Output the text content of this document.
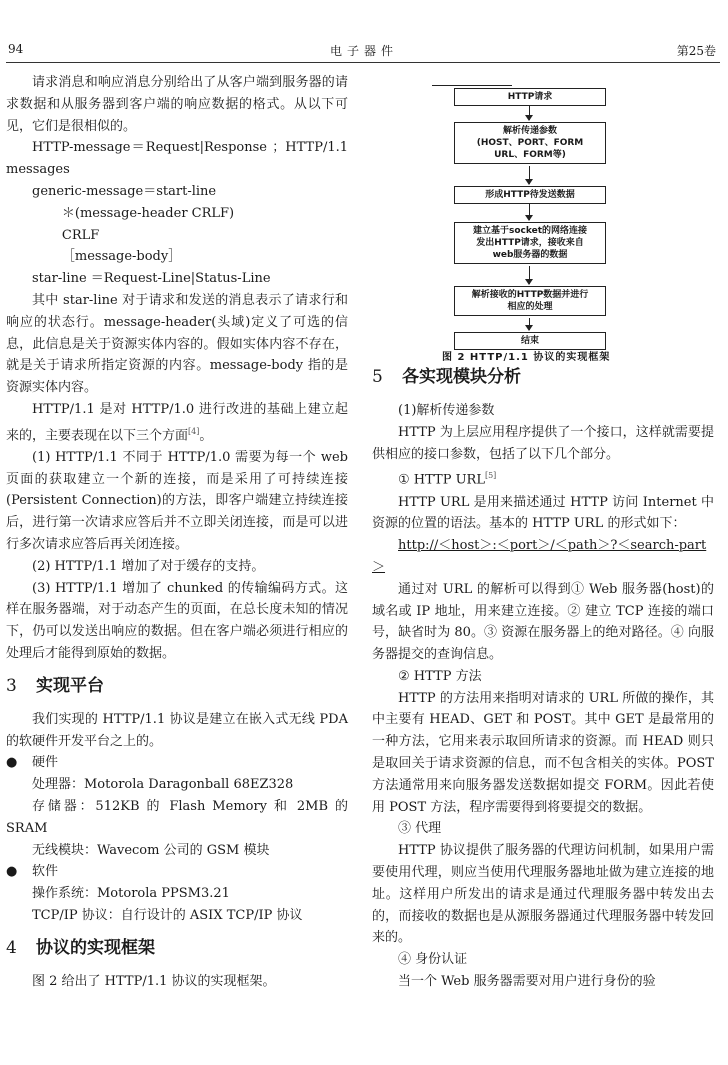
94	电子器件	第25卷

请求消息和响应消息分别给出了从客户端到服务器的请求数据和从服务器到客户端的响应数据的格式。从以下可见，它们是很相似的。

HTTP-message＝Request|Response ；HTTP/1.1 messages

generic-message＝start-line

＊(message-header CRLF)

CRLF

［message-body］

star-line ＝Request-Line|Status-Line

其中 star-line 对于请求和发送的消息表示了请求行和响应的状态行。message-header(头域)定义了可选的信息，此信息是关于资源实体内容的。假如实体内容不存在，就是关于请求所指定资源的内容。message-body 指的是资源实体内容。

HTTP/1.1 是对 HTTP/1.0 进行改进的基础上建立起来的，主要表现在以下三个方面[4]。

(1) HTTP/1.1 不同于 HTTP/1.0 需要为每一个 web 页面的获取建立一个新的连接，而是采用了可持续连接(Persistent Connection)的方法，即客户端建立持续连接后，进行第一次请求应答后并不立即关闭连接，而是可以进行多次请求应答后再关闭连接。

(2) HTTP/1.1 增加了对于缓存的支持。

(3) HTTP/1.1 增加了 chunked 的传输编码方式。这样在服务器端，对于动态产生的页面，在总长度未知的情况下，仍可以发送出响应的数据。但在客户端必须进行相应的处理后才能得到原始的数据。

3 实现平台

我们实现的 HTTP/1.1 协议是建立在嵌入式无线 PDA 的软硬件开发平台之上的。

●	硬件

处理器：Motorola Daragonball 68EZ328

存储器：512KB 的 Flash Memory 和 2MB 的 SRAM

无线模块：Wavecom 公司的 GSM 模块

●	软件

操作系统：Motorola PPSM3.21

TCP/IP 协议：自行设计的 ASIX TCP/IP 协议

4 协议的实现框架

图 2 给出了 HTTP/1.1 协议的实现框架。

HTTP请求
解析传递参数
(HOST、PORT、FORM
URL、FORM等)
形成HTTP待发送数据
建立基于socket的网络连接
发出HTTP请求，接收来自
web服务器的数据
解析接收的HTTP数据并进行
相应的处理
结束
图 2 HTTP/1.1 协议的实现框架
5 各实现模块分析

(1)解析传递参数

HTTP 为上层应用程序提供了一个接口，这样就需要提供相应的接口参数，包括了以下几个部分。

① HTTP URL[5]

HTTP URL 是用来描述通过 HTTP 访问 Internet 中资源的位置的语法。基本的 HTTP URL 的形式如下：

http://＜host＞:＜port＞/＜path＞?＜search-part＞

通过对 URL 的解析可以得到① Web 服务器(host)的域名或 IP 地址，用来建立连接。② 建立 TCP 连接的端口号，缺省时为 80。③ 资源在服务器上的绝对路径。④ 向服务器提交的查询信息。

② HTTP 方法

HTTP 的方法用来指明对请求的 URL 所做的操作，其中主要有 HEAD、GET 和 POST。其中 GET 是最常用的一种方法，它用来表示取回所请求的资源。而 HEAD 则只是取回关于请求资源的信息，而不包含相关的实体。POST 方法通常用来向服务器发送数据如提交 FORM。因此若使用 POST 方法，程序需要得到将要提交的数据。

③ 代理

HTTP 协议提供了服务器的代理访问机制，如果用户需要使用代理，则应当使用代理服务器地址做为建立连接的地址。这样用户所发出的请求是通过代理服务器中转发出去的，而接收的数据也是从源服务器通过代理服务器中转发回来的。

④ 身份认证

当一个 Web 服务器需要对用户进行身份的验
